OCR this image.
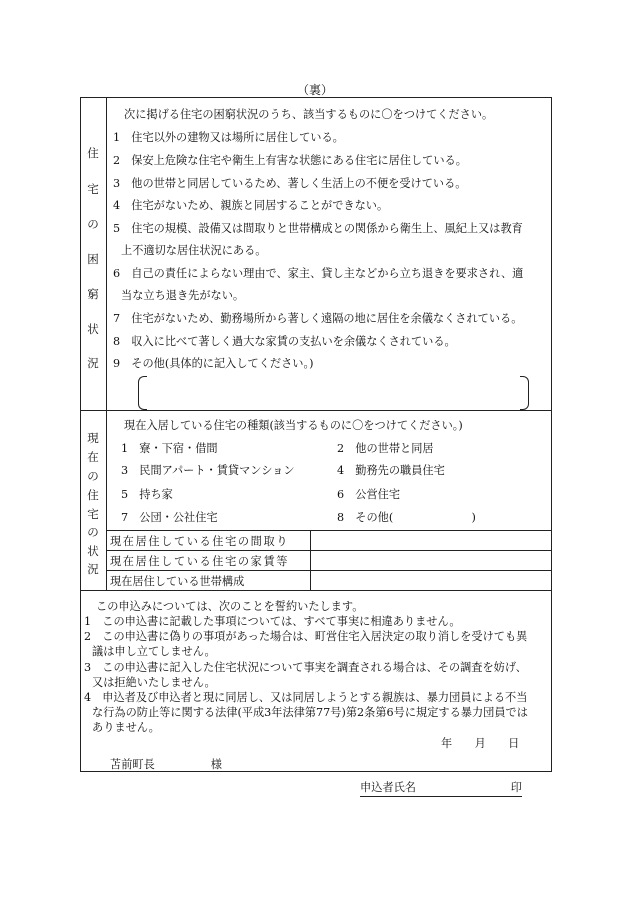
（裏）
住
宅
の
困
窮
状
況
次に掲げる住宅の困窮状況のうち、該当するものに〇をつけてください。
1　住宅以外の建物又は場所に居住している。
2　保安上危険な住宅や衛生上有害な状態にある住宅に居住している。
3　他の世帯と同居しているため、著しく生活上の不便を受けている。
4　住宅がないため、親族と同居することができない。
5　住宅の規模、設備又は間取りと世帯構成との関係から衛生上、風紀上又は教育
上不適切な居住状況にある。
6　自己の責任によらない理由で、家主、貸し主などから立ち退きを要求され、適
当な立ち退き先がない。
7　住宅がないため、勤務場所から著しく遠隔の地に居住を余儀なくされている。
8　収入に比べて著しく過大な家賃の支払いを余儀なくされている。
9　その他(具体的に記入してください。)
現
在
の
住
宅
の
状
況
現在入居している住宅の種類(該当するものに〇をつけてください。)
1　寮・下宿・借間	2　他の世帯と同居
3　民間アパート・賃貸マンション	4　勤務先の職員住宅
5　持ち家	6　公営住宅
7　公団・公社住宅	8　その他(　　　　　　　)
現在居住している住宅の間取り
現在居住している住宅の家賃等
現在居住している世帯構成
この申込みについては、次のことを誓約いたします。
1　この申込書に記載した事項については、すべて事実に相違ありません。
2　この申込書に偽りの事項があった場合は、町営住宅入居決定の取り消しを受けても異
議は申し立てしません。
3　この申込書に記入した住宅状況について事実を調査される場合は、その調査を妨げ、
又は拒絶いたしません。
4　申込者及び申込者と現に同居し、又は同居しようとする親族は、暴力団員による不当
な行為の防止等に関する法律(平成3年法律第77号)第2条第6号に規定する暴力団員では
ありません。
年　　月　　日
苫前町長　　　　　様
申込者氏名	印
